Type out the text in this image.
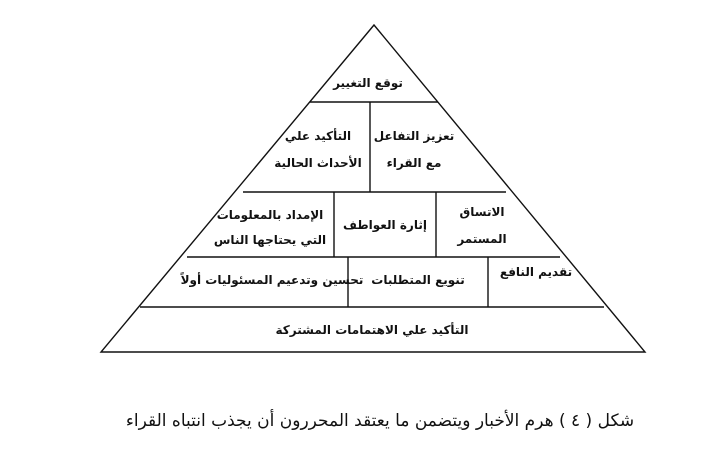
توقع التغيير
التأكيد علي
الأحداث الحالية
تعزيز التفاعل
مع القراء
الإمداد بالمعلومات
التي يحتاجها الناس
إثارة العواطف
الاتساق
المستمر
تحسين وتدعيم المسئوليات أولاً تنويع المتطلبات
تقديم النافع
التأكيد علي الاهتمامات المشتركة
شكل ( ٤ ) هرم الأخبار ويتضمن ما يعتقد المحررون أن يجذب انتباه القراء
